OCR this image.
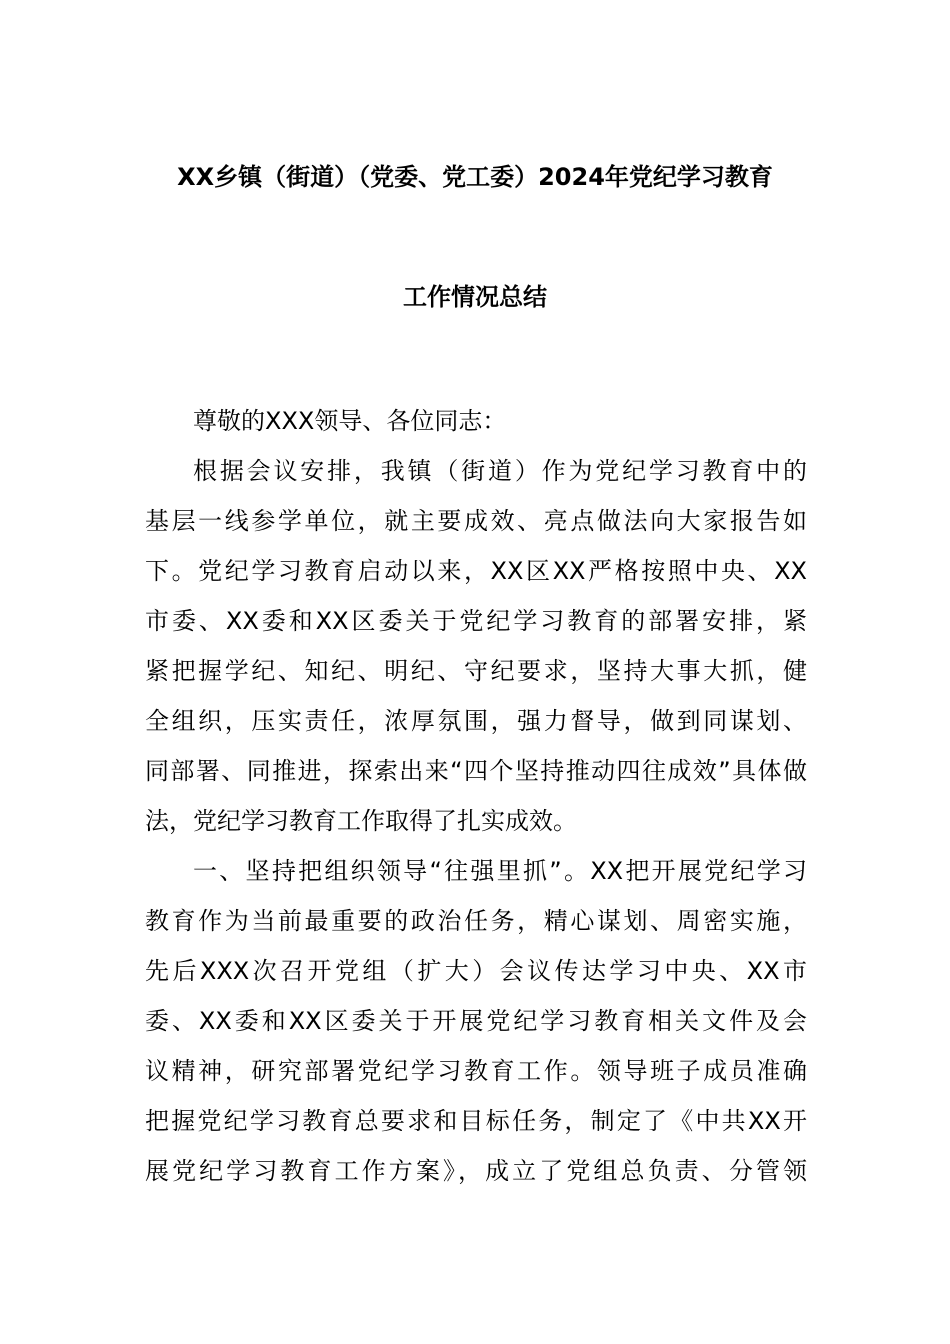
XX乡镇（街道）（党委、党工委）2024年党纪学习教育
工作情况总结
尊敬的XXX领导、各位同志：
根据会议安排，我镇（街道）作为党纪学习教育中的
基层一线参学单位，就主要成效、亮点做法向大家报告如
下。党纪学习教育启动以来，XX区XX严格按照中央、XX
市委、XX委和XX区委关于党纪学习教育的部署安排，紧
紧把握学纪、知纪、明纪、守纪要求，坚持大事大抓，健
全组织，压实责任，浓厚氛围，强力督导，做到同谋划、
同部署、同推进，探索出来“四个坚持推动四往成效”具体做
法，党纪学习教育工作取得了扎实成效。
一、坚持把组织领导“往强里抓”。XX把开展党纪学习
教育作为当前最重要的政治任务，精心谋划、周密实施，
先后XXX次召开党组（扩大）会议传达学习中央、XX市
委、XX委和XX区委关于开展党纪学习教育相关文件及会
议精神，研究部署党纪学习教育工作。领导班子成员准确
把握党纪学习教育总要求和目标任务，制定了《中共XX开
展党纪学习教育工作方案》，成立了党组总负责、分管领
